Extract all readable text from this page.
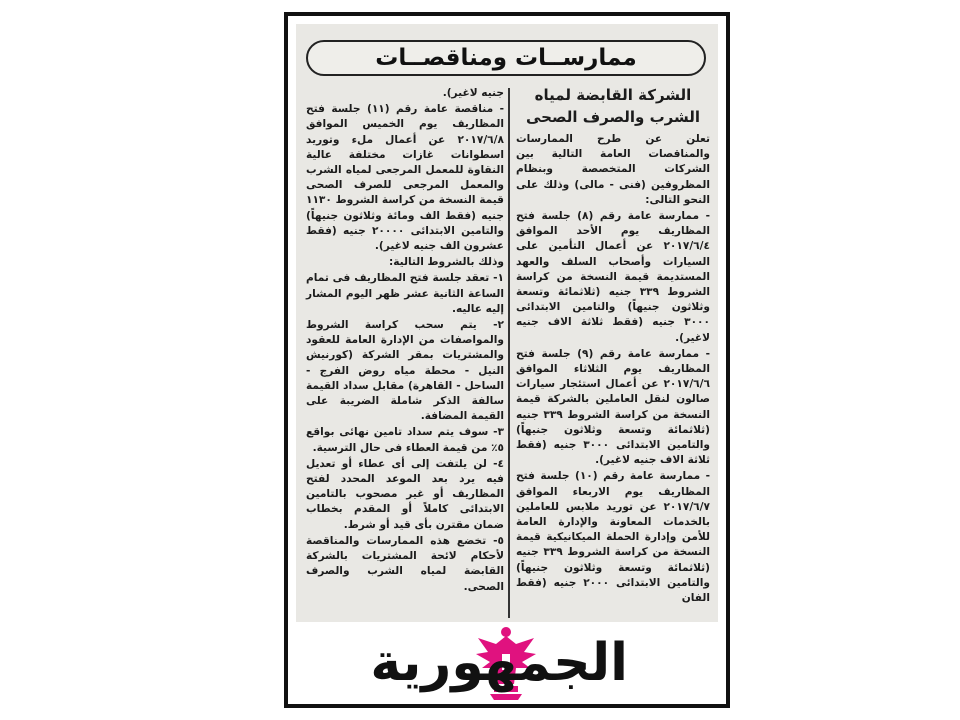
ممارســات ومناقصــات
الشركة القابضة لمياه الشرب والصرف الصحى

تعلن عن طرح الممارسات والمناقصات العامة التالية بين الشركات المتخصصة وبنظام المظروفين (فنى - مالى) وذلك على النحو التالى:

- ممارسة عامة رقم (٨) جلسة فتح المظاريف يوم الأحد الموافق ٢٠١٧/٦/٤ عن أعمال التأمين على السيارات وأصحاب السلف والعهد المستديمة قيمة النسخة من كراسة الشروط ٣٣٩ جنيه (ثلاثمائة وتسعة وثلاثون جنيهاً) والتامين الابتدائى ٣٠٠٠ جنيه (فقط ثلاثة الاف جنيه لاغير).

- ممارسة عامة رقم (٩) جلسة فتح المظاريف يوم الثلاثاء الموافق ٢٠١٧/٦/٦ عن أعمال استئجار سيارات صالون لنقل العاملين بالشركة قيمة النسخة من كراسة الشروط ٣٣٩ جنيه (ثلاثمائة وتسعة وثلاثون جنيهاً) والتامين الابتدائى ٣٠٠٠ جنيه (فقط ثلاثة الاف جنيه لاغير).

- ممارسة عامة رقم (١٠) جلسة فتح المظاريف يوم الاربعاء الموافق ٢٠١٧/٦/٧ عن توريد ملابس للعاملين بالخدمات المعاونة والإدارة العامة للأمن وإدارة الحملة الميكانيكية قيمة النسخة من كراسة الشروط ٣٣٩ جنيه (ثلاثمائة وتسعة وثلاثون جنيهاً) والتامين الابتدائى ٢٠٠٠ جنيه (فقط الفان

جنيه لاغير).

- مناقصة عامة رقم (١١) جلسة فتح المظاريف يوم الخميس الموافق ٢٠١٧/٦/٨ عن أعمال ملء وتوريد اسطوانات غازات مختلفة عالية النقاوة للمعمل المرجعى لمياه الشرب والمعمل المرجعى للصرف الصحى قيمة النسخة من كراسة الشروط ١١٣٠ جنيه (فقط الف ومائة وثلاثون جنيهاً) والتامين الابتدائى ٢٠٠٠٠ جنيه (فقط عشرون الف جنيه لاغير).

وذلك بالشروط التالية:

١- تعقد جلسة فتح المظاريف فى تمام الساعة الثانية عشر ظهر اليوم المشار إليه عاليه.

٢- يتم سحب كراسة الشروط والمواصفات من الإدارة العامة للعقود والمشتريات بمقر الشركة (كورنيش النيل - محطة مياه روض الفرج - الساحل - القاهرة) مقابل سداد القيمة سالفة الذكر شاملة الضريبة على القيمة المضافة.

٣- سوف يتم سداد تامين نهائى بواقع ٥٪ من قيمة العطاء فى حال الترسية.

٤- لن يلتفت إلى أى عطاء أو تعديل فيه يرد بعد الموعد المحدد لفتح المظاريف أو غير مصحوب بالتامين الابتدائى كاملاً أو المقدم بخطاب ضمان مقترن بأى قيد أو شرط.

٥- تخضع هذه الممارسات والمناقصة لأحكام لائحة المشتريات بالشركة القابضة لمياه الشرب والصرف الصحى.

الجمهورية
